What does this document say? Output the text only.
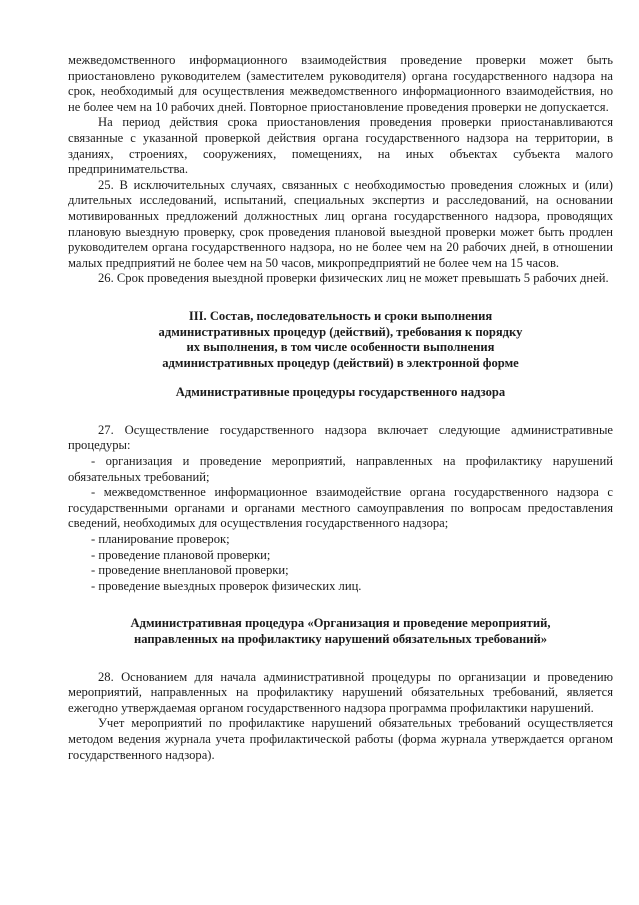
межведомственного информационного взаимодействия проведение проверки может быть приостановлено руководителем (заместителем руководителя) органа государственного надзора на срок, необходимый для осуществления межведомственного информационного взаимодействия, но не более чем на 10 рабочих дней. Повторное приостановление проведения проверки не допускается.

На период действия срока приостановления проведения проверки приостанавливаются связанные с указанной проверкой действия органа государственного надзора на территории, в зданиях, строениях, сооружениях, помещениях, на иных объектах субъекта малого предпринимательства.

25. В исключительных случаях, связанных с необходимостью проведения сложных и (или) длительных исследований, испытаний, специальных экспертиз и расследований, на основании мотивированных предложений должностных лиц органа государственного надзора, проводящих плановую выездную проверку, срок проведения плановой выездной проверки может быть продлен руководителем органа государственного надзора, но не более чем на 20 рабочих дней, в отношении малых предприятий не более чем на 50 часов, микропредприятий не более чем на 15 часов.

26. Срок проведения выездной проверки физических лиц не может превышать 5 рабочих дней.

III. Состав, последовательность и сроки выполнения
административных процедур (действий), требования к порядку
их выполнения, в том числе особенности выполнения
административных процедур (действий) в электронной форме
Административные процедуры государственного надзора

27. Осуществление государственного надзора включает следующие административные процедуры:

- организация и проведение мероприятий, направленных на профилактику нарушений обязательных требований;

- межведомственное информационное взаимодействие органа государственного надзора с государственными органами и органами местного самоуправления по вопросам предоставления сведений, необходимых для осуществления государственного надзора;

- планирование проверок;

- проведение плановой проверки;

- проведение внеплановой проверки;

- проведение выездных проверок физических лиц.

Административная процедура «Организация и проведение мероприятий,
направленных на профилактику нарушений обязательных требований»

28. Основанием для начала административной процедуры по организации и проведению мероприятий, направленных на профилактику нарушений обязательных требований, является ежегодно утверждаемая органом государственного надзора программа профилактики нарушений.

Учет мероприятий по профилактике нарушений обязательных требований осуществляется методом ведения журнала учета профилактической работы (форма журнала утверждается органом государственного надзора).
